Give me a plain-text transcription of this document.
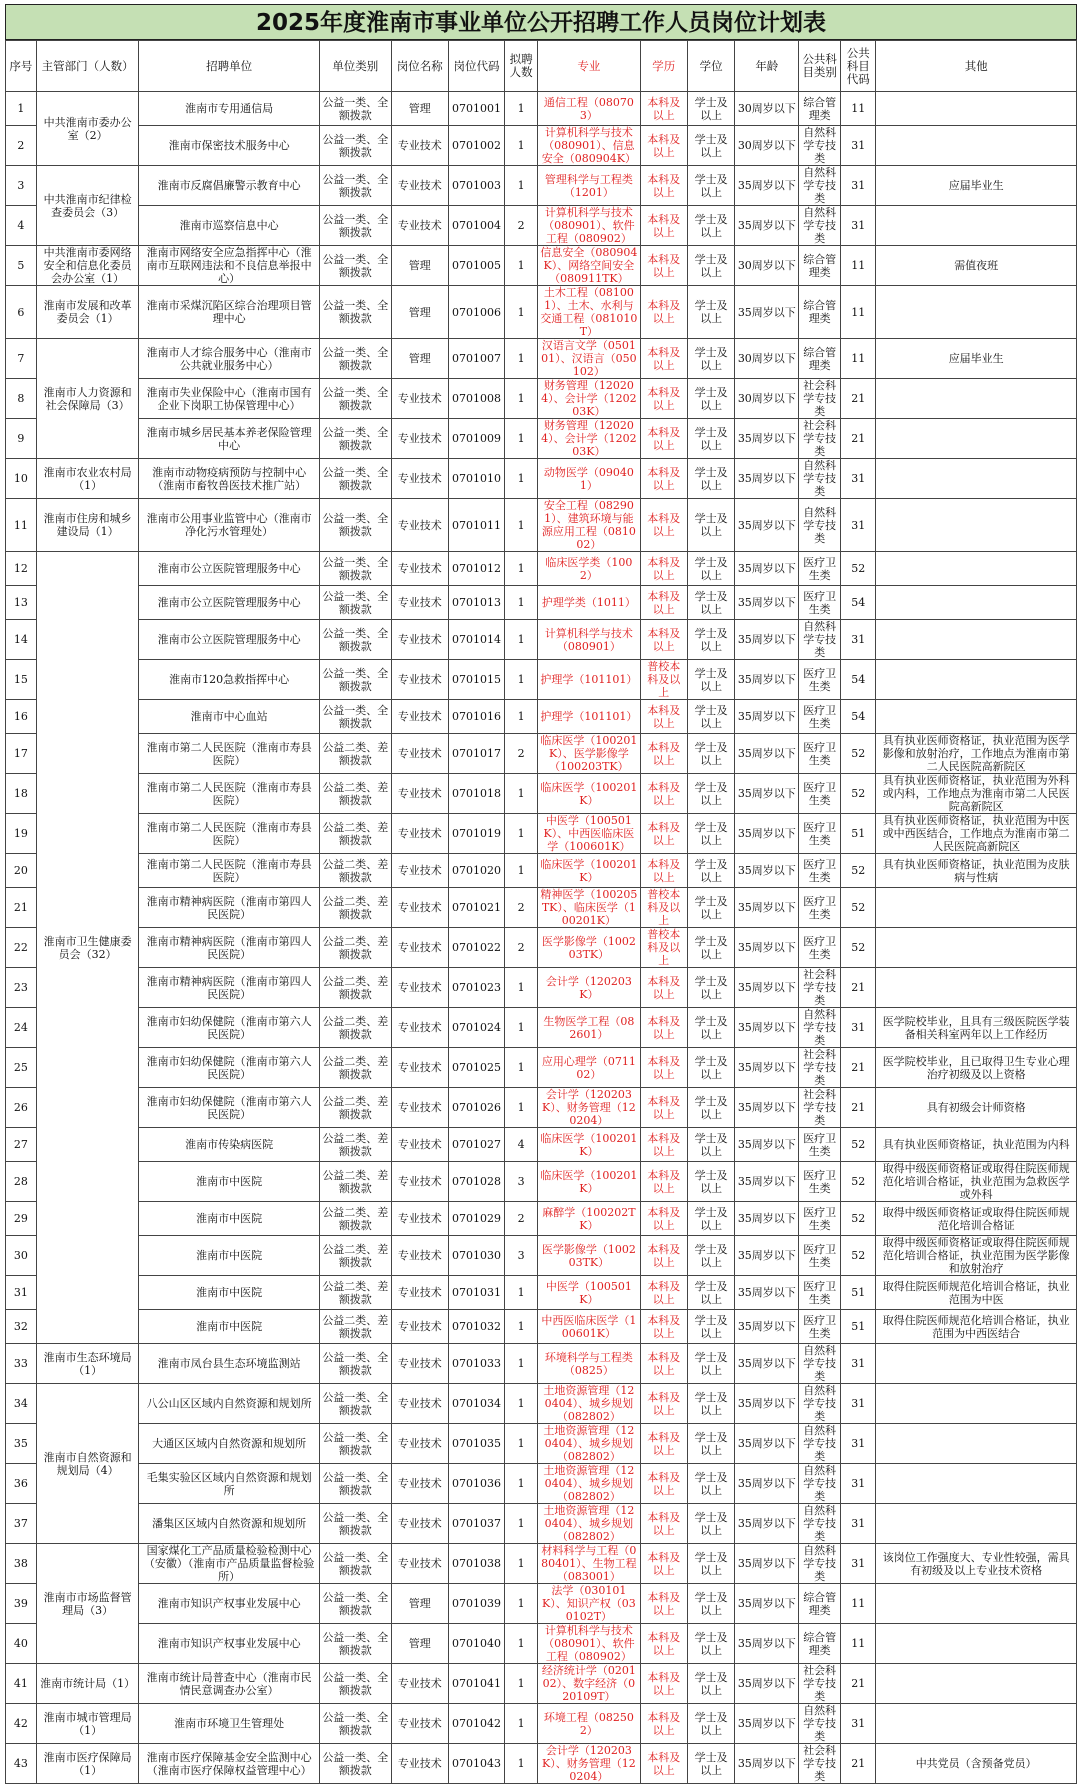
2025年度淮南市事业单位公开招聘工作人员岗位计划表
序号	主管部门（人数）	招聘单位	单位类别	岗位名称	岗位代码	拟聘人数	专业	学历	学位	年龄	公共科目类别	公共科目代码	其他
1	中共淮南市委办公室（2）	淮南市专用通信局	公益一类、全额拨款	管理	0701001	1	通信工程（080703）	本科及以上	学士及以上	30周岁以下	综合管理类	11	
2		淮南市保密技术服务中心	公益一类、全额拨款	专业技术	0701002	1	计算机科学与技术（080901）、信息安全（080904K）	本科及以上	学士及以上	30周岁以下	自然科学专技类	31	
3	中共淮南市纪律检查委员会（3）	淮南市反腐倡廉警示教育中心	公益一类、全额拨款	专业技术	0701003	1	管理科学与工程类（1201）	本科及以上	学士及以上	35周岁以下	自然科学专技类	31	应届毕业生
4		淮南市巡察信息中心	公益一类、全额拨款	专业技术	0701004	2	计算机科学与技术（080901）、软件工程（080902）	本科及以上	学士及以上	35周岁以下	自然科学专技类	31	
5	中共淮南市委网络安全和信息化委员会办公室（1）	淮南市网络安全应急指挥中心（淮南市互联网违法和不良信息举报中心）	公益一类、全额拨款	管理	0701005	1	信息安全（080904K）、网络空间安全（080911TK）	本科及以上	学士及以上	30周岁以下	综合管理类	11	需值夜班
6	淮南市发展和改革委员会（1）	淮南市采煤沉陷区综合治理项目管理中心	公益一类、全额拨款	管理	0701006	1	土木工程（081001）、土木、水利与交通工程（081010T）	本科及以上	学士及以上	35周岁以下	综合管理类	11	
7	淮南市人力资源和社会保障局（3）	淮南市人才综合服务中心（淮南市公共就业服务中心）	公益一类、全额拨款	管理	0701007	1	汉语言文学（050101）、汉语言（050102）	本科及以上	学士及以上	30周岁以下	综合管理类	11	应届毕业生
8		淮南市失业保险中心（淮南市国有企业下岗职工协保管理中心）	公益一类、全额拨款	专业技术	0701008	1	财务管理（120204）、会计学（120203K）	本科及以上	学士及以上	30周岁以下	社会科学专技类	21	
9		淮南市城乡居民基本养老保险管理中心	公益一类、全额拨款	专业技术	0701009	1	财务管理（120204）、会计学（120203K）	本科及以上	学士及以上	35周岁以下	社会科学专技类	21	
10	淮南市农业农村局（1）	淮南市动物疫病预防与控制中心（淮南市畜牧兽医技术推广站）	公益一类、全额拨款	专业技术	0701010	1	动物医学（090401）	本科及以上	学士及以上	35周岁以下	自然科学专技类	31	
11	淮南市住房和城乡建设局（1）	淮南市公用事业监管中心（淮南市净化污水管理处）	公益一类、全额拨款	专业技术	0701011	1	安全工程（082901）、建筑环境与能源应用工程（081002）	本科及以上	学士及以上	35周岁以下	自然科学专技类	31	
12	淮南市卫生健康委员会（32）	淮南市公立医院管理服务中心	公益一类、全额拨款	专业技术	0701012	1	临床医学类（1002）	本科及以上	学士及以上	35周岁以下	医疗卫生类	52	
13		淮南市公立医院管理服务中心	公益一类、全额拨款	专业技术	0701013	1	护理学类（1011）	本科及以上	学士及以上	35周岁以下	医疗卫生类	54	
14		淮南市公立医院管理服务中心	公益一类、全额拨款	专业技术	0701014	1	计算机科学与技术（080901）	本科及以上	学士及以上	35周岁以下	自然科学专技类	31	
15		淮南市120急救指挥中心	公益一类、全额拨款	专业技术	0701015	1	护理学（101101）	普校本科及以上	学士及以上	35周岁以下	医疗卫生类	54	
16		淮南市中心血站	公益一类、全额拨款	专业技术	0701016	1	护理学（101101）	本科及以上	学士及以上	35周岁以下	医疗卫生类	54	
17		淮南市第二人民医院（淮南市寿县医院）	公益二类、差额拨款	专业技术	0701017	2	临床医学（100201K）、医学影像学（100203TK）	本科及以上	学士及以上	35周岁以下	医疗卫生类	52	具有执业医师资格证，执业范围为医学影像和放射治疗，工作地点为淮南市第二人民医院高新院区
18		淮南市第二人民医院（淮南市寿县医院）	公益二类、差额拨款	专业技术	0701018	1	临床医学（100201K）	本科及以上	学士及以上	35周岁以下	医疗卫生类	52	具有执业医师资格证，执业范围为外科或内科，工作地点为淮南市第二人民医院高新院区
19		淮南市第二人民医院（淮南市寿县医院）	公益二类、差额拨款	专业技术	0701019	1	中医学（100501K）、中西医临床医学（100601K）	本科及以上	学士及以上	35周岁以下	医疗卫生类	51	具有执业医师资格证，执业范围为中医或中西医结合，工作地点为淮南市第二人民医院高新院区
20		淮南市第二人民医院（淮南市寿县医院）	公益二类、差额拨款	专业技术	0701020	1	临床医学（100201K）	本科及以上	学士及以上	35周岁以下	医疗卫生类	52	具有执业医师资格证，执业范围为皮肤病与性病
21		淮南市精神病医院（淮南市第四人民医院）	公益二类、差额拨款	专业技术	0701021	2	精神医学（100205TK）、临床医学（100201K）	普校本科及以上	学士及以上	35周岁以下	医疗卫生类	52	
22		淮南市精神病医院（淮南市第四人民医院）	公益二类、差额拨款	专业技术	0701022	2	医学影像学（100203TK）	普校本科及以上	学士及以上	35周岁以下	医疗卫生类	52	
23		淮南市精神病医院（淮南市第四人民医院）	公益二类、差额拨款	专业技术	0701023	1	会计学（120203K）	本科及以上	学士及以上	35周岁以下	社会科学专技类	21	
24		淮南市妇幼保健院（淮南市第六人民医院）	公益二类、差额拨款	专业技术	0701024	1	生物医学工程（082601）	本科及以上	学士及以上	35周岁以下	自然科学专技类	31	医学院校毕业，且具有三级医院医学装备相关科室两年以上工作经历
25		淮南市妇幼保健院（淮南市第六人民医院）	公益二类、差额拨款	专业技术	0701025	1	应用心理学（071102）	本科及以上	学士及以上	35周岁以下	社会科学专技类	21	医学院校毕业，且已取得卫生专业心理治疗初级及以上资格
26		淮南市妇幼保健院（淮南市第六人民医院）	公益二类、差额拨款	专业技术	0701026	1	会计学（120203K）、财务管理（120204）	本科及以上	学士及以上	35周岁以下	社会科学专技类	21	具有初级会计师资格
27		淮南市传染病医院	公益二类、差额拨款	专业技术	0701027	4	临床医学（100201K）	本科及以上	学士及以上	35周岁以下	医疗卫生类	52	具有执业医师资格证，执业范围为内科
28		淮南市中医院	公益二类、差额拨款	专业技术	0701028	3	临床医学（100201K）	本科及以上	学士及以上	35周岁以下	医疗卫生类	52	取得中级医师资格证或取得住院医师规范化培训合格证，执业范围为急救医学或外科
29		淮南市中医院	公益二类、差额拨款	专业技术	0701029	2	麻醉学（100202TK）	本科及以上	学士及以上	35周岁以下	医疗卫生类	52	取得中级医师资格证或取得住院医师规范化培训合格证
30		淮南市中医院	公益二类、差额拨款	专业技术	0701030	3	医学影像学（100203TK）	本科及以上	学士及以上	35周岁以下	医疗卫生类	52	取得中级医师资格证或取得住院医师规范化培训合格证，执业范围为医学影像和放射治疗
31		淮南市中医院	公益二类、差额拨款	专业技术	0701031	1	中医学（100501K）	本科及以上	学士及以上	35周岁以下	医疗卫生类	51	取得住院医师规范化培训合格证，执业范围为中医
32		淮南市中医院	公益二类、差额拨款	专业技术	0701032	1	中西医临床医学（100601K）	本科及以上	学士及以上	35周岁以下	医疗卫生类	51	取得住院医师规范化培训合格证，执业范围为中西医结合
33	淮南市生态环境局（1）	淮南市凤台县生态环境监测站	公益一类、全额拨款	专业技术	0701033	1	环境科学与工程类（0825）	本科及以上	学士及以上	35周岁以下	自然科学专技类	31	
34	淮南市自然资源和规划局（4）	八公山区区域内自然资源和规划所	公益一类、全额拨款	专业技术	0701034	1	土地资源管理（120404）、城乡规划（082802）	本科及以上	学士及以上	35周岁以下	自然科学专技类	31	
35		大通区区域内自然资源和规划所	公益一类、全额拨款	专业技术	0701035	1	土地资源管理（120404）、城乡规划（082802）	本科及以上	学士及以上	35周岁以下	自然科学专技类	31	
36		毛集实验区区域内自然资源和规划所	公益一类、全额拨款	专业技术	0701036	1	土地资源管理（120404）、城乡规划（082802）	本科及以上	学士及以上	35周岁以下	自然科学专技类	31	
37		潘集区区域内自然资源和规划所	公益一类、全额拨款	专业技术	0701037	1	土地资源管理（120404）、城乡规划（082802）	本科及以上	学士及以上	35周岁以下	自然科学专技类	31	
38	淮南市市场监督管理局（3）	国家煤化工产品质量检验检测中心（安徽）（淮南市产品质量监督检验所）	公益一类、全额拨款	专业技术	0701038	1	材料科学与工程（080401）、生物工程（083001）	本科及以上	学士及以上	35周岁以下	自然科学专技类	31	该岗位工作强度大、专业性较强，需具有初级及以上专业技术资格
39		淮南市知识产权事业发展中心	公益一类、全额拨款	管理	0701039	1	法学（030101K）、知识产权（030102T）	本科及以上	学士及以上	35周岁以下	综合管理类	11	
40		淮南市知识产权事业发展中心	公益一类、全额拨款	管理	0701040	1	计算机科学与技术（080901）、软件工程（080902）	本科及以上	学士及以上	35周岁以下	综合管理类	11	
41	淮南市统计局（1）	淮南市统计局普查中心（淮南市民情民意调查办公室）	公益一类、全额拨款	专业技术	0701041	1	经济统计学（020102）、数字经济（020109T）	本科及以上	学士及以上	35周岁以下	社会科学专技类	21	
42	淮南市城市管理局（1）	淮南市环境卫生管理处	公益一类、全额拨款	专业技术	0701042	1	环境工程（082502）	本科及以上	学士及以上	35周岁以下	自然科学专技类	31	
43	淮南市医疗保障局（1）	淮南市医疗保障基金安全监测中心（淮南市医疗保障权益管理中心）	公益一类、全额拨款	专业技术	0701043	1	会计学（120203K）、财务管理（120204）	本科及以上	学士及以上	35周岁以下	社会科学专技类	21	中共党员（含预备党员）
